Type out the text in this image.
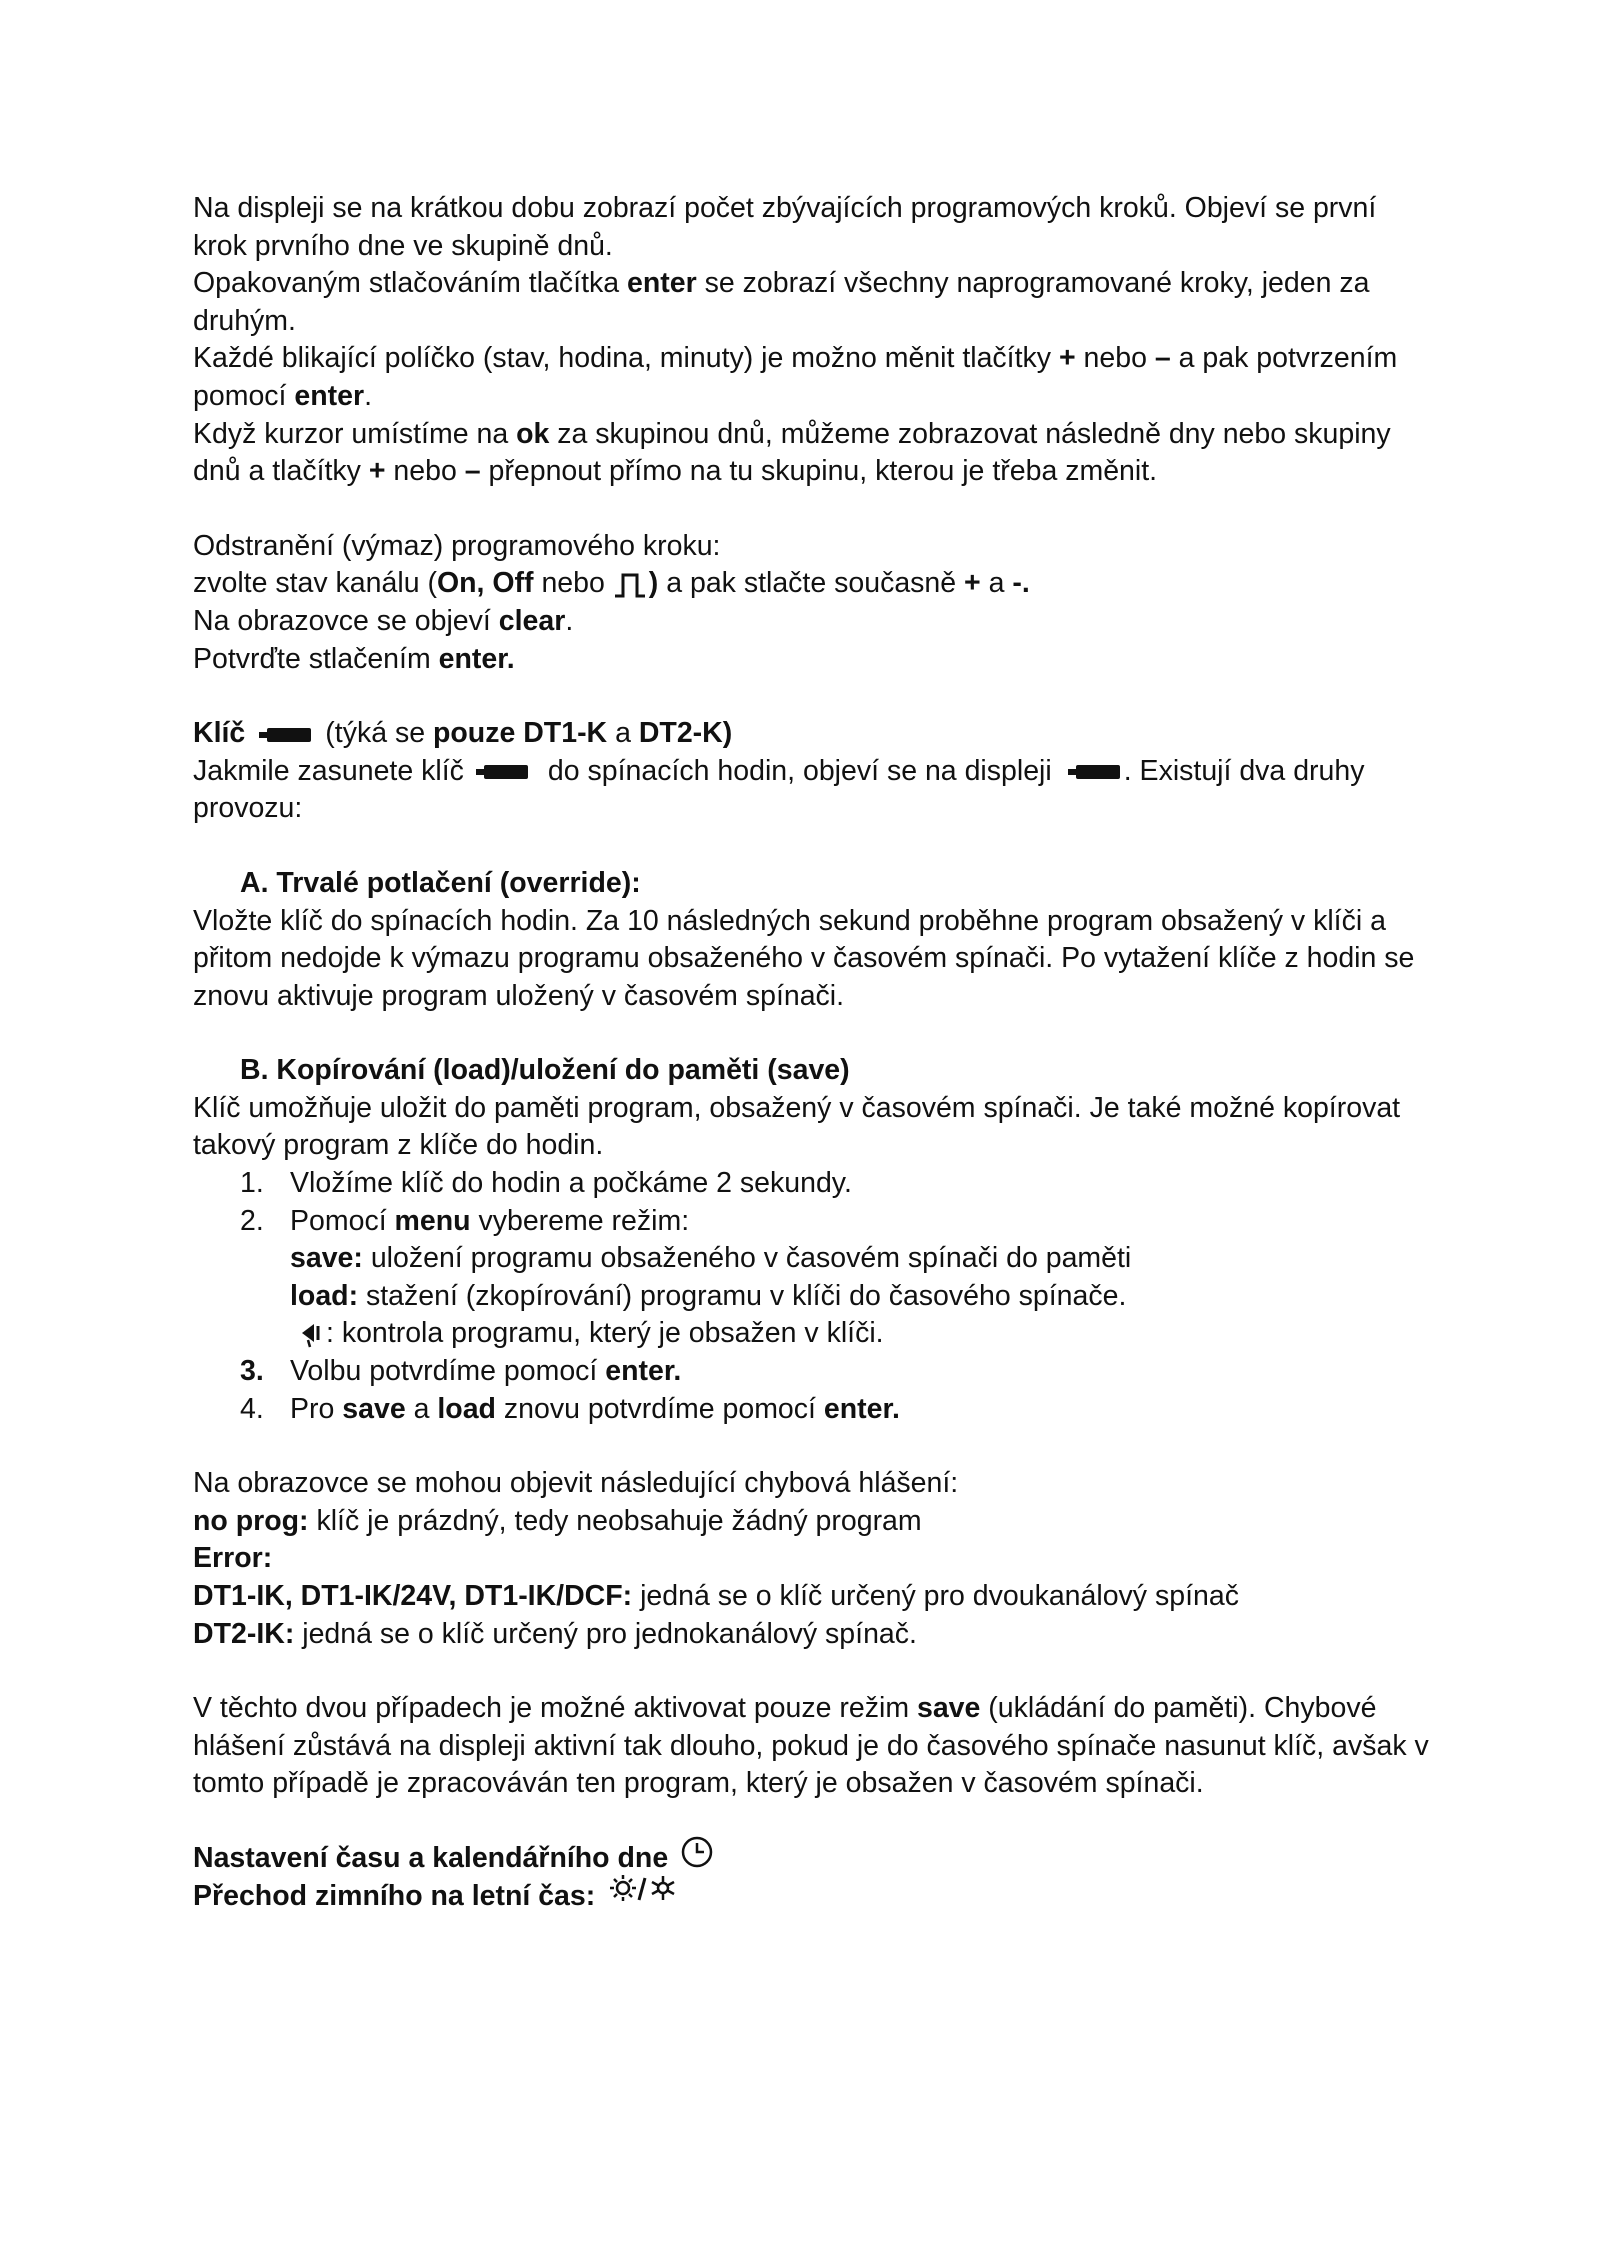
Na displeji se na krátkou dobu zobrazí počet zbývajících programových kroků. Objeví se první krok prvního dne ve skupině dnů.

Opakovaným stlačováním tlačítka enter se zobrazí všechny naprogramované kroky, jeden za druhým.

Každé blikající políčko (stav, hodina, minuty) je možno měnit tlačítky + nebo – a pak potvrzením pomocí enter.

Když kurzor umístíme na ok za skupinou dnů, můžeme zobrazovat následně dny nebo skupiny dnů a tlačítky + nebo – přepnout přímo na tu skupinu, kterou je třeba změnit.

Odstranění (výmaz) programového kroku:

zvolte stav kanálu (On, Off nebo ) a pak stlačte současně + a -.

Na obrazovce se objeví clear.

Potvrďte stlačením enter.

Klíč	(týká se pouze DT1-K a DT2-K)

Jakmile zasunete klíč	do spínacích hodin, objeví se na displeji	. Existují dva druhy provozu:

A. Trvalé potlačení (override):

Vložte klíč do spínacích hodin. Za 10 následných sekund proběhne program obsažený v klíči a přitom nedojde k výmazu programu obsaženého v časovém spínači. Po vytažení klíče z hodin se znovu aktivuje program uložený v časovém spínači.

B. Kopírování (load)/uložení do paměti (save)

Klíč umožňuje uložit do paměti program, obsažený v časovém spínači. Je také možné kopírovat takový program z klíče do hodin.

1. Vložíme klíč do hodin a počkáme 2 sekundy.
2. Pomocí menu vybereme režim:

save: uložení programu obsaženého v časovém spínači do paměti

load: stažení (zkopírování) programu v klíči do časového spínače.

: kontrola programu, který je obsažen v klíči.

3. Volbu potvrdíme pomocí enter.
4. Pro save a load znovu potvrdíme pomocí enter.

Na obrazovce se mohou objevit následující chybová hlášení:

no prog: klíč je prázdný, tedy neobsahuje žádný program

Error:

DT1-IK, DT1-IK/24V, DT1-IK/DCF: jedná se o klíč určený pro dvoukanálový spínač

DT2-IK: jedná se o klíč určený pro jednokanálový spínač.

V těchto dvou případech je možné aktivovat pouze režim save (ukládání do paměti). Chybové hlášení zůstává na displeji aktivní tak dlouho, pokud je do časového spínače nasunut klíč, avšak v tomto případě je zpracováván ten program, který je obsažen v časovém spínači.

Nastavení času a kalendářního dne

Přechod zimního na letní čas:
